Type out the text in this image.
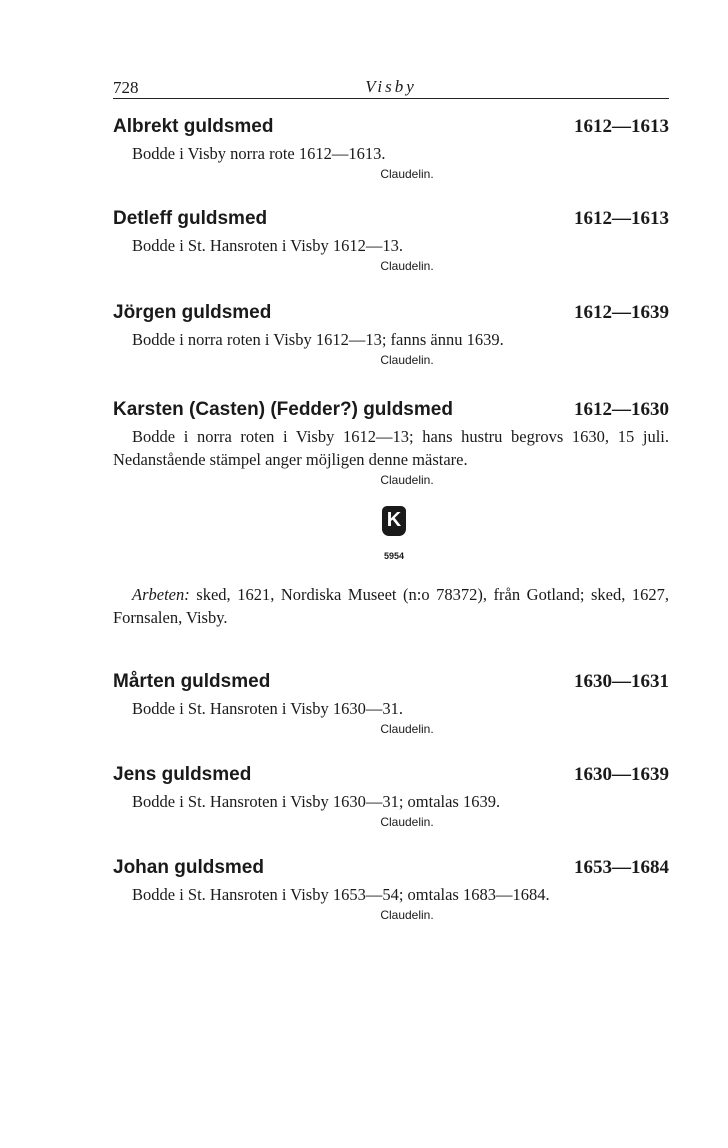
728	Visby
Albrekt guldsmed	1612—1613

Bodde i Visby norra rote 1612—1613.

Claudelin.
Detleff guldsmed	1612—1613

Bodde i St. Hansroten i Visby 1612—13.

Claudelin.
Jörgen guldsmed	1612—1639

Bodde i norra roten i Visby 1612—13; fanns ännu 1639.

Claudelin.
Karsten (Casten) (Fedder?) guldsmed	1612—1630

Bodde i norra roten i Visby 1612—13; hans hustru begrovs 1630, 15 juli. Nedanstående stämpel anger möjligen denne mästare.

Claudelin.
K
5954

Arbeten: sked, 1621, Nordiska Museet (n:o 78372), från Gotland; sked, 1627, Fornsalen, Visby.

Mårten guldsmed	1630—1631

Bodde i St. Hansroten i Visby 1630—31.

Claudelin.
Jens guldsmed	1630—1639

Bodde i St. Hansroten i Visby 1630—31; omtalas 1639.

Claudelin.
Johan guldsmed	1653—1684

Bodde i St. Hansroten i Visby 1653—54; omtalas 1683—1684.

Claudelin.
